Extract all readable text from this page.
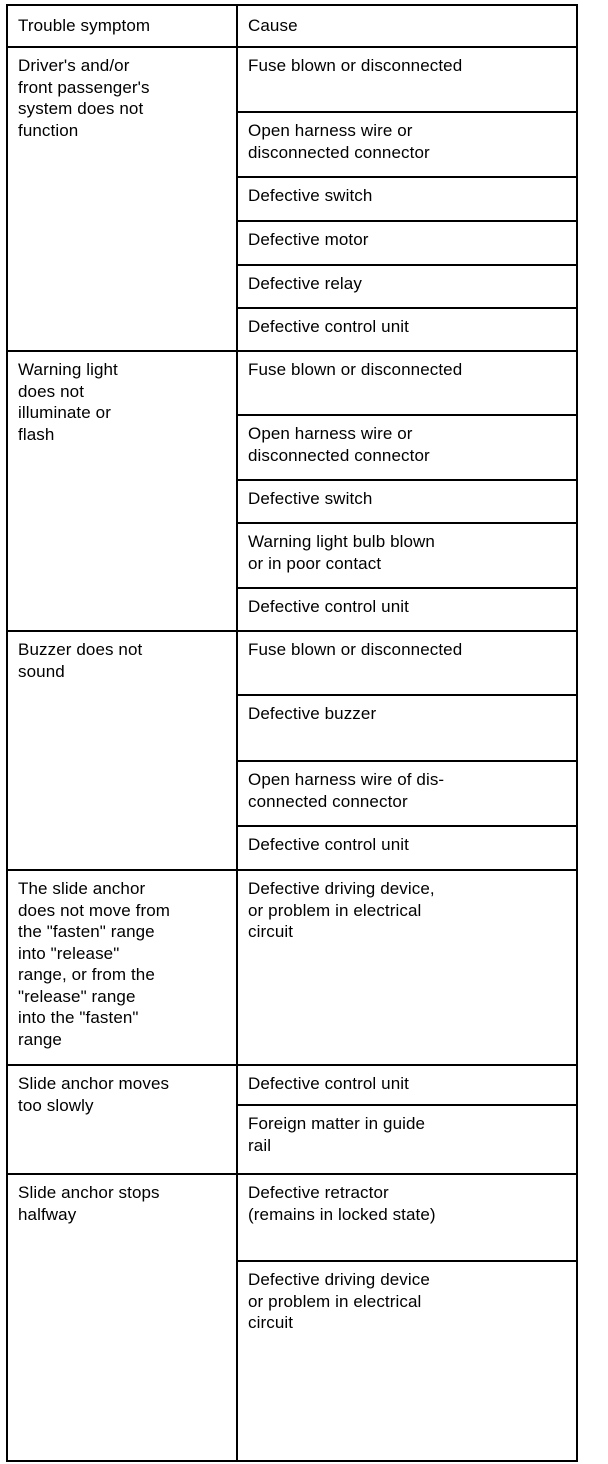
Trouble symptom	Cause
Driver's and/or
front passenger's
system does not
function
Fuse blown or disconnected
Open harness wire or
disconnected connector
Defective switch
Defective motor
Defective relay
Defective control unit
Warning light
does not
illuminate or
flash
Fuse blown or disconnected
Open harness wire or
disconnected connector
Defective switch
Warning light bulb blown
or in poor contact
Defective control unit
Buzzer does not
sound
Fuse blown or disconnected
Defective buzzer
Open harness wire of dis-
connected connector
Defective control unit
The slide anchor
does not move from
the "fasten" range
into "release"
range, or from the
"release" range
into the "fasten"
range
Defective driving device,
or problem in electrical
circuit
Slide anchor moves
too slowly
Defective control unit
Foreign matter in guide
rail
Slide anchor stops
halfway
Defective retractor
(remains in locked state)
Defective driving device
or problem in electrical
circuit
